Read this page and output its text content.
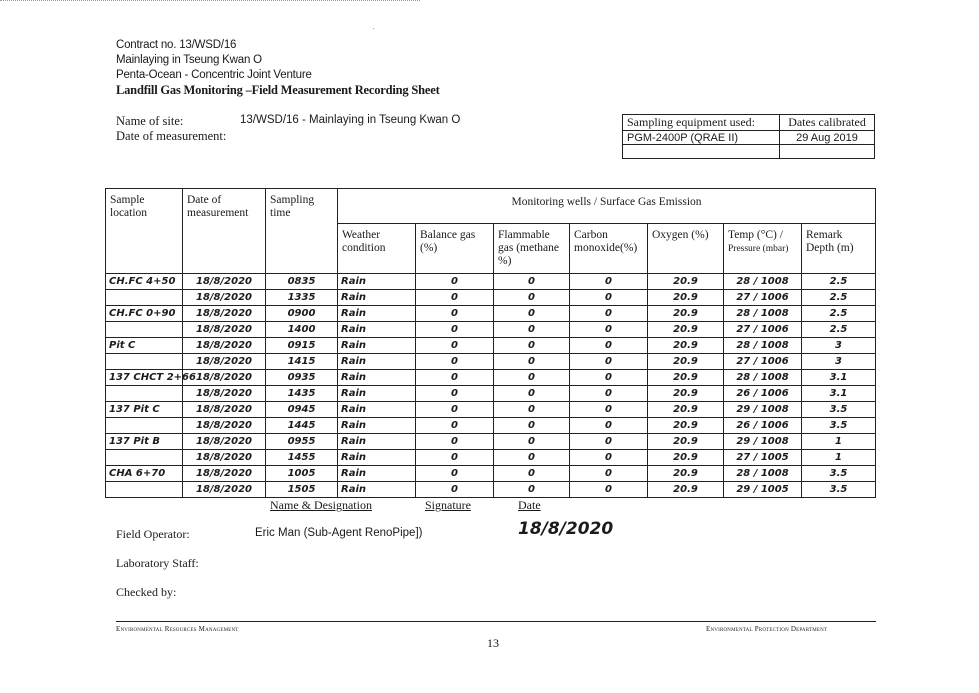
·
Contract no. 13/WSD/16
Mainlaying in Tseung Kwan O
Penta-Ocean - Concentric Joint Venture
Landfill Gas Monitoring –Field Measurement Recording Sheet
Name of site:
Date of measurement:
13/WSD/16 - Mainlaying in Tseung Kwan O	Sampling equipment used:	Dates calibrated
PGM-2400P (QRAE II)	29 Aug 2019

Sample location	Date of measurement	Sampling time	Monitoring wells / Surface Gas Emission						
			Weather condition	Balance gas (%)	Flammable gas (methane %)	Carbon monoxide(%)	Oxygen (%)	Temp (°C) /
Pressure (mbar)	Remark Depth (m)
CH.FC 4+50	18/8/2020	0835	Rain	0	0	0	20.9	28 / 1008	2.5
	18/8/2020	1335	Rain	0	0	0	20.9	27 / 1006	2.5
CH.FC 0+90	18/8/2020	0900	Rain	0	0	0	20.9	28 / 1008	2.5
	18/8/2020	1400	Rain	0	0	0	20.9	27 / 1006	2.5
Pit C	18/8/2020	0915	Rain	0	0	0	20.9	28 / 1008	3
	18/8/2020	1415	Rain	0	0	0	20.9	27 / 1006	3
137 CHCT 2+66	18/8/2020	0935	Rain	0	0	0	20.9	28 / 1008	3.1
	18/8/2020	1435	Rain	0	0	0	20.9	26 / 1006	3.1
137 Pit C	18/8/2020	0945	Rain	0	0	0	20.9	29 / 1008	3.5
	18/8/2020	1445	Rain	0	0	0	20.9	26 / 1006	3.5
137 Pit B	18/8/2020	0955	Rain	0	0	0	20.9	29 / 1008	1
	18/8/2020	1455	Rain	0	0	0	20.9	27 / 1005	1
CHA 6+70	18/8/2020	1005	Rain	0	0	0	20.9	28 / 1008	3.5
	18/8/2020	1505	Rain	0	0	0	20.9	29 / 1005	3.5
Name & Designation	Signature	Date
Field Operator:	Eric Man (Sub-Agent RenoPipe])	18/8/2020
Laboratory Staff:
Checked by:
Environmental Resources Management	Environmental Protection Department
13
